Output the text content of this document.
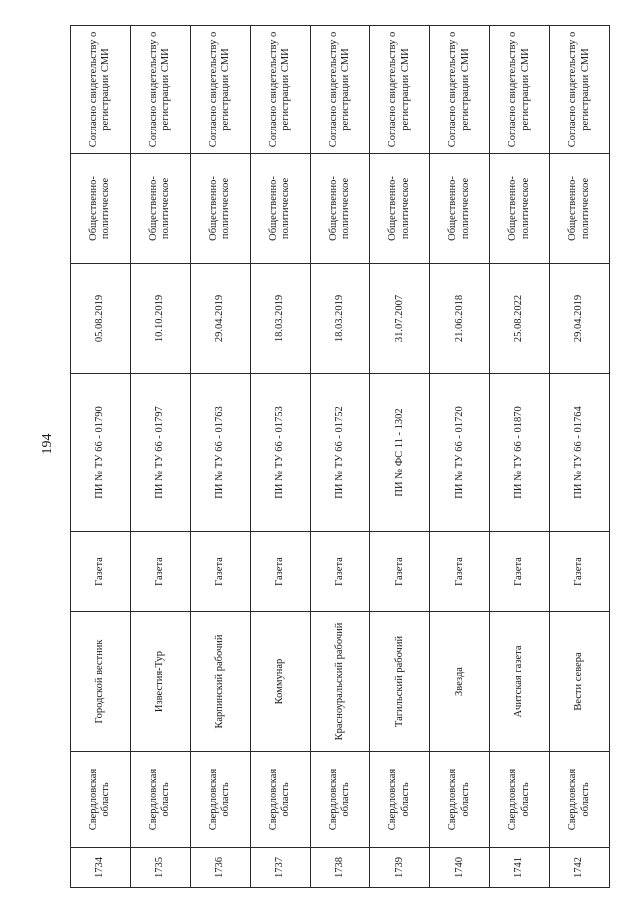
194
1734	Свердловская область	Городской вестник	Газета	ПИ № ТУ 66 - 01790	05.08.2019	Общественно-политическое	Согласно свидетельству о регистрации СМИ
1735	Свердловская область	Известия-Тур	Газета	ПИ № ТУ 66 - 01797	10.10.2019	Общественно-политическое	Согласно свидетельству о регистрации СМИ
1736	Свердловская область	Карпинский рабочий	Газета	ПИ № ТУ 66 - 01763	29.04.2019	Общественно-политическое	Согласно свидетельству о регистрации СМИ
1737	Свердловская область	Коммунар	Газета	ПИ № ТУ 66 - 01753	18.03.2019	Общественно-политическое	Согласно свидетельству о регистрации СМИ
1738	Свердловская область	Красноуральский рабочий	Газета	ПИ № ТУ 66 - 01752	18.03.2019	Общественно-политическое	Согласно свидетельству о регистрации СМИ
1739	Свердловская область	Тагильский рабочий	Газета	ПИ № ФС 11 - 1302	31.07.2007	Общественно-политическое	Согласно свидетельству о регистрации СМИ
1740	Свердловская область	Звезда	Газета	ПИ № ТУ 66 - 01720	21.06.2018	Общественно-политическое	Согласно свидетельству о регистрации СМИ
1741	Свердловская область	Ачитская газета	Газета	ПИ № ТУ 66 - 01870	25.08.2022	Общественно-политическое	Согласно свидетельству о регистрации СМИ
1742	Свердловская область	Вести севера	Газета	ПИ № ТУ 66 - 01764	29.04.2019	Общественно-политическое	Согласно свидетельству о регистрации СМИ
